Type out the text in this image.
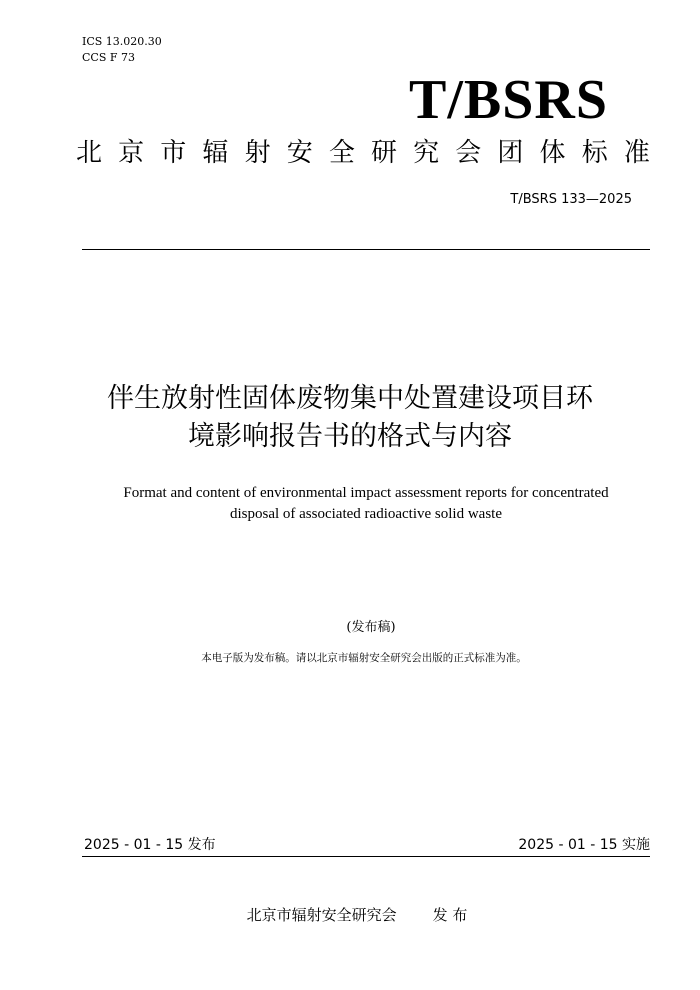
ICS 13.020.30
CCS F 73
T/BSRS
北 京 市 辐 射 安 全 研 究 会 团 体 标 准
T/BSRS 133—2025
伴生放射性固体废物集中处置建设项目环
境影响报告书的格式与内容
Format and content of environmental impact assessment reports for concentrated
disposal of associated radioactive solid waste
(发布稿)
本电子版为发布稿。请以北京市辐射安全研究会出版的正式标准为准。
2025 - 01 - 15 发布	2025 - 01 - 15 实施
北京市辐射安全研究会 发 布
